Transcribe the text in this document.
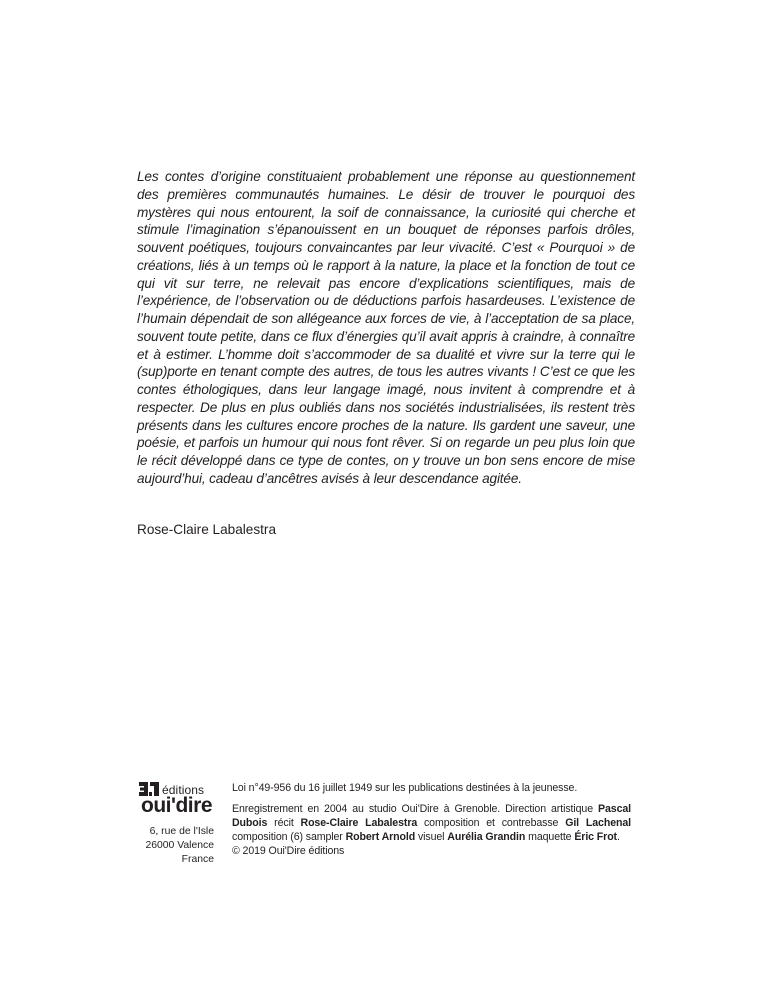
Les contes d’origine constituaient probablement une réponse au questionnement des premières communautés humaines. Le désir de trouver le pourquoi des mystères qui nous entourent, la soif de connaissance, la curiosité qui cherche et stimule l’imagination s’épanouissent en un bouquet de réponses parfois drôles, souvent poétiques, toujours convaincantes par leur vivacité. C’est « Pourquoi » de créations, liés à un temps où le rapport à la nature, la place et la fonction de tout ce qui vit sur terre, ne relevait pas encore d’explications scientifiques, mais de l’expérience, de l’observation ou de déductions parfois hasardeuses. L’existence de l’humain dépendait de son allégeance aux forces de vie, à l’acceptation de sa place, souvent toute petite, dans ce flux d’énergies qu’il avait appris à craindre, à connaître et à estimer. L’homme doit s’accommoder de sa dualité et vivre sur la terre qui le (sup)porte en tenant compte des autres, de tous les autres vivants ! C’est ce que les contes éthologiques, dans leur langage imagé, nous invitent à comprendre et à respecter. De plus en plus oubliés dans nos sociétés industrialisées, ils restent très présents dans les cultures encore proches de la nature. Ils gardent une saveur, une poésie, et parfois un humour qui nous font rêver. Si on regarde un peu plus loin que le récit développé dans ce type de contes, on y trouve un bon sens encore de mise aujourd’hui, cadeau d’ancêtres avisés à leur descendance agitée.

Rose-Claire Labalestra

éditions
oui'dire
6, rue de l'Isle
26000 Valence
France

Loi n°49-956 du 16 juillet 1949 sur les publications destinées à la jeunesse.

Enregistrement en 2004 au studio Oui'Dire à Grenoble. Direction artistique Pascal Dubois récit Rose-Claire Labalestra composition et contrebasse Gil Lachenal composition (6) sampler Robert Arnold visuel Aurélia Grandin maquette Éric Frot.

© 2019 Oui'Dire éditions
